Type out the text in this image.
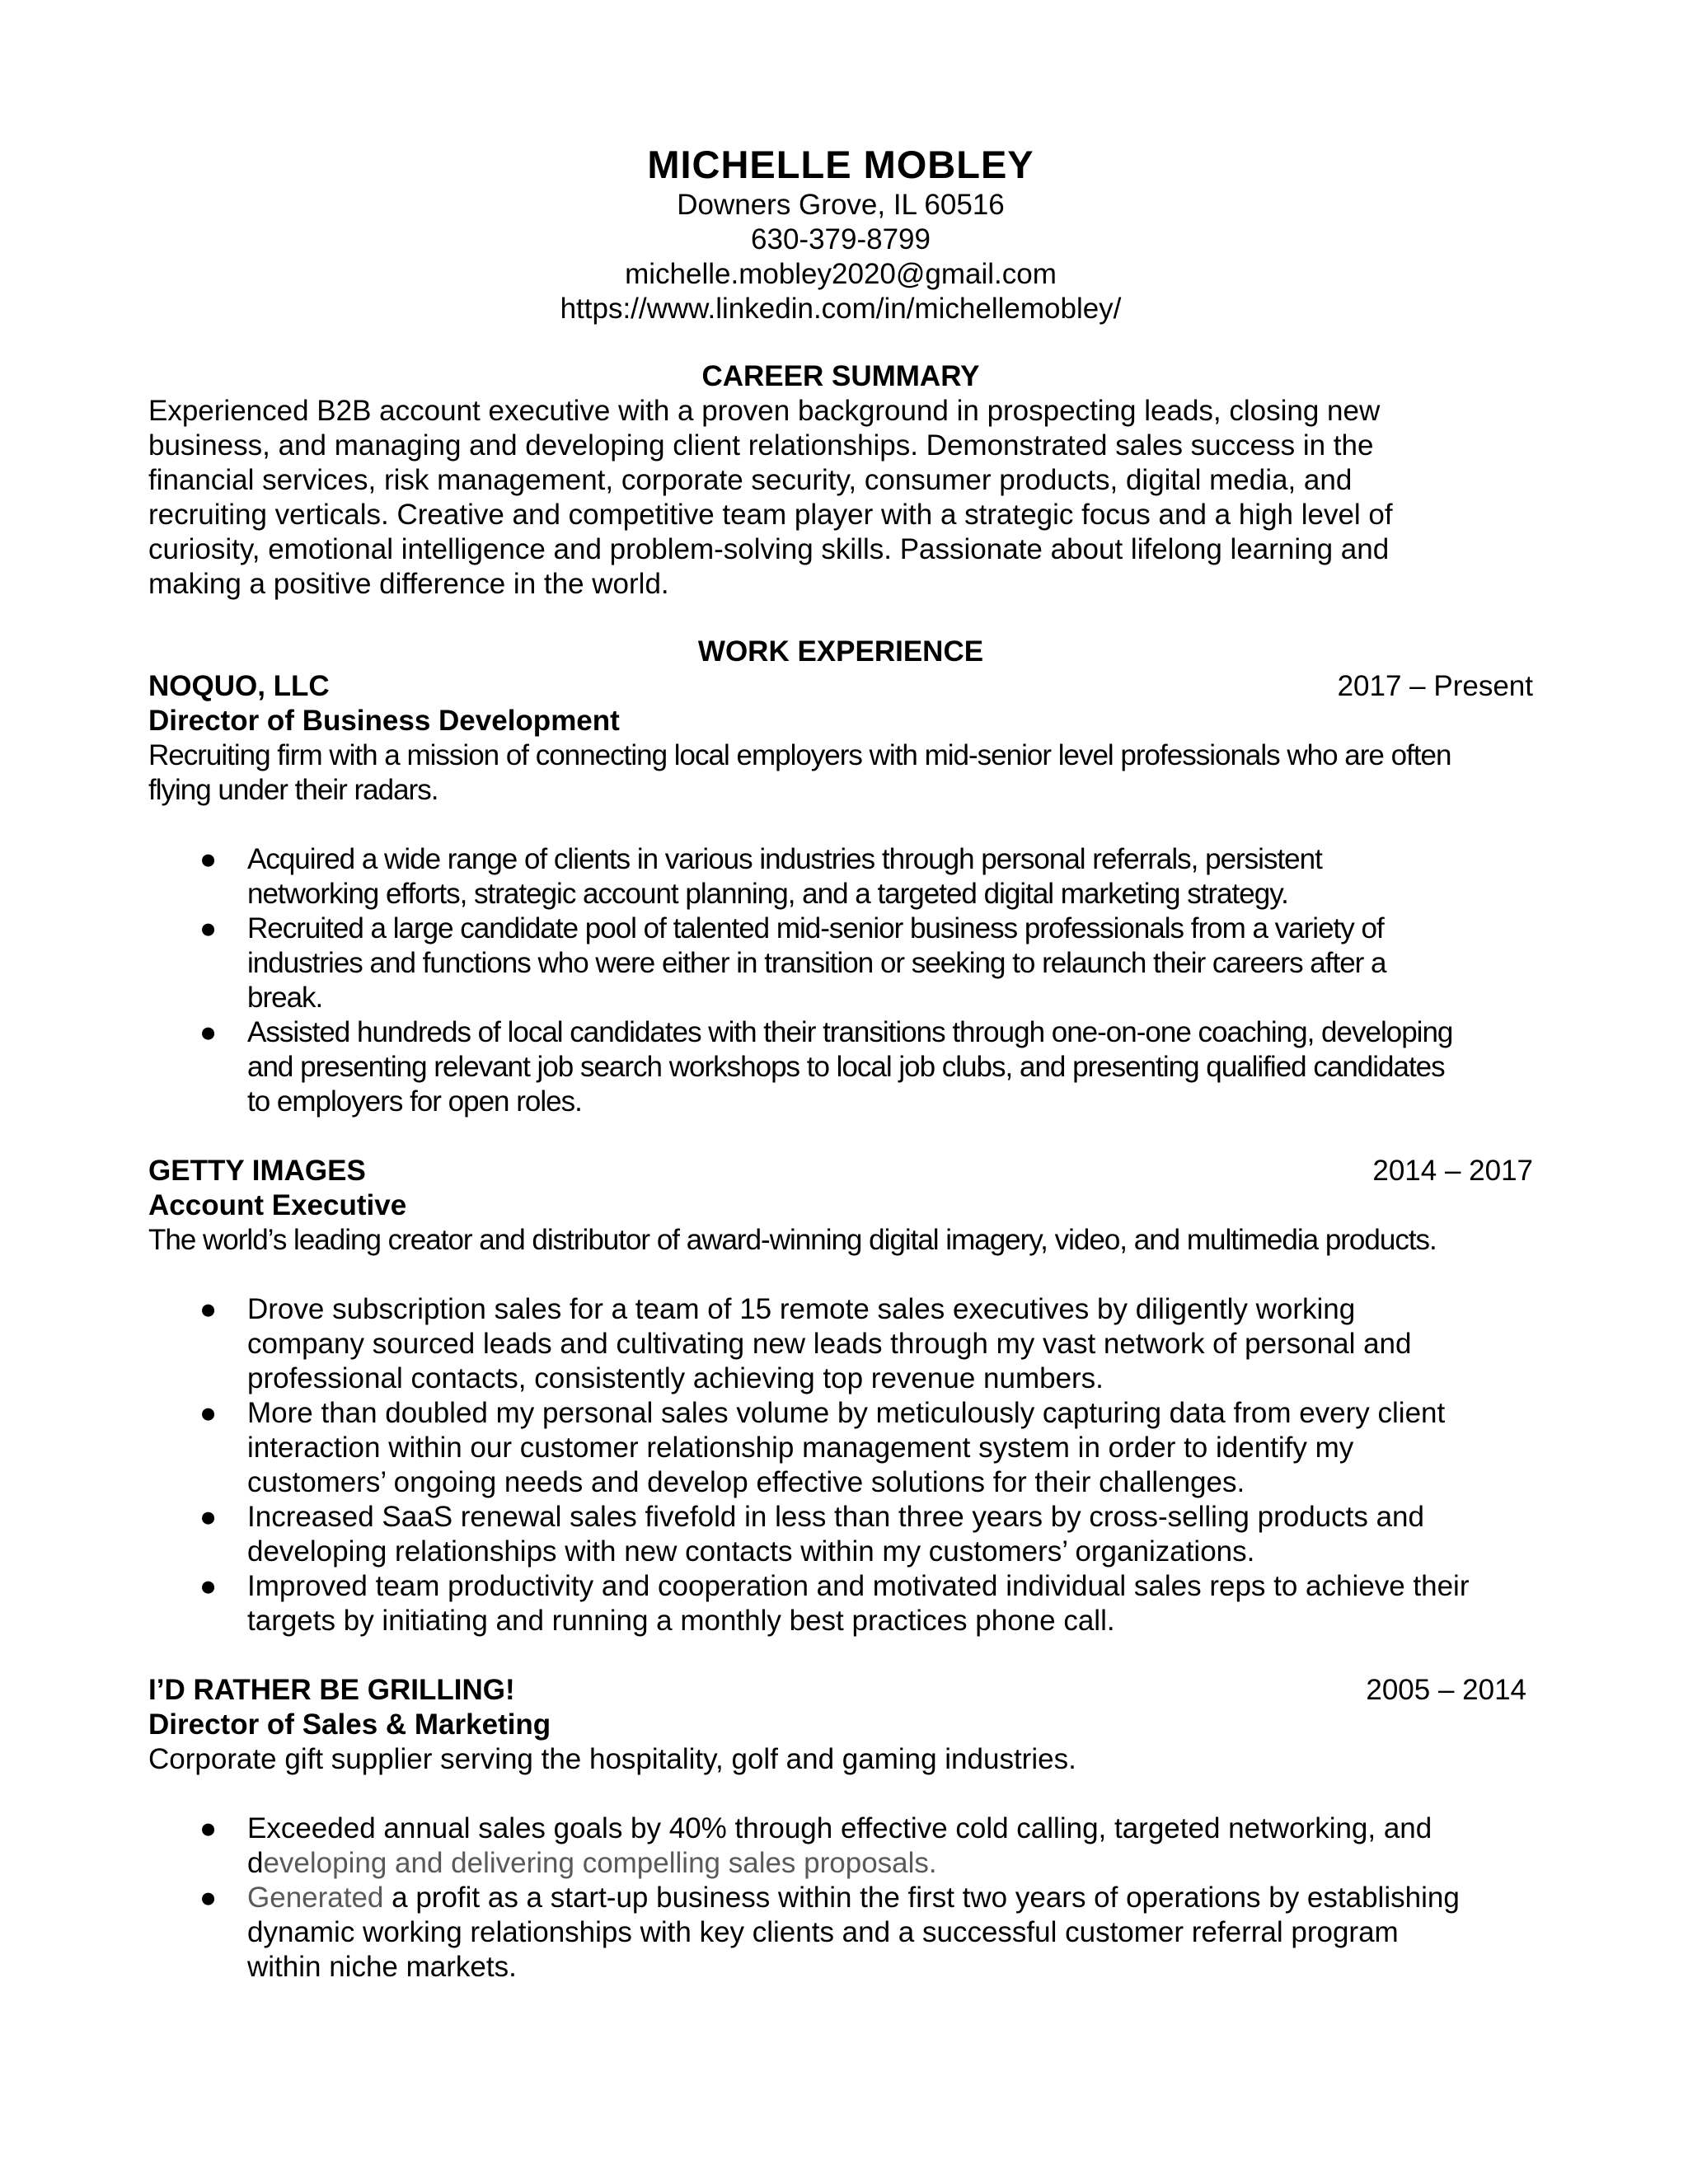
MICHELLE MOBLEY
Downers Grove, IL 60516
630-379-8799
michelle.mobley2020@gmail.com
https://www.linkedin.com/in/michellemobley/
CAREER SUMMARY
Experienced B2B account executive with a proven background in prospecting leads, closing new
business, and managing and developing client relationships. Demonstrated sales success in the
financial services, risk management, corporate security, consumer products, digital media, and
recruiting verticals. Creative and competitive team player with a strategic focus and a high level of
curiosity, emotional intelligence and problem-solving skills. Passionate about lifelong learning and
making a positive difference in the world.
WORK EXPERIENCE
NOQUO, LLC	2017 – Present
Director of Business Development
Recruiting firm with a mission of connecting local employers with mid-senior level professionals who are often
flying under their radars.
● Acquired a wide range of clients in various industries through personal referrals, persistent
networking efforts, strategic account planning, and a targeted digital marketing strategy.
● Recruited a large candidate pool of talented mid-senior business professionals from a variety of
industries and functions who were either in transition or seeking to relaunch their careers after a
break.
● Assisted hundreds of local candidates with their transitions through one-on-one coaching, developing
and presenting relevant job search workshops to local job clubs, and presenting qualified candidates
to employers for open roles.
GETTY IMAGES	2014 – 2017
Account Executive
The world’s leading creator and distributor of award-winning digital imagery, video, and multimedia products.
● Drove subscription sales for a team of 15 remote sales executives by diligently working
company sourced leads and cultivating new leads through my vast network of personal and
professional contacts, consistently achieving top revenue numbers.
● More than doubled my personal sales volume by meticulously capturing data from every client
interaction within our customer relationship management system in order to identify my
customers’ ongoing needs and develop effective solutions for their challenges.
● Increased SaaS renewal sales fivefold in less than three years by cross-selling products and
developing relationships with new contacts within my customers’ organizations.
● Improved team productivity and cooperation and motivated individual sales reps to achieve their
targets by initiating and running a monthly best practices phone call.
I’D RATHER BE GRILLING!	2005 – 2014
Director of Sales & Marketing
Corporate gift supplier serving the hospitality, golf and gaming industries.
● Exceeded annual sales goals by 40% through effective cold calling, targeted networking, and
developing and delivering compelling sales proposals.
● Generated a profit as a start-up business within the first two years of operations by establishing
dynamic working relationships with key clients and a successful customer referral program
within niche markets.
